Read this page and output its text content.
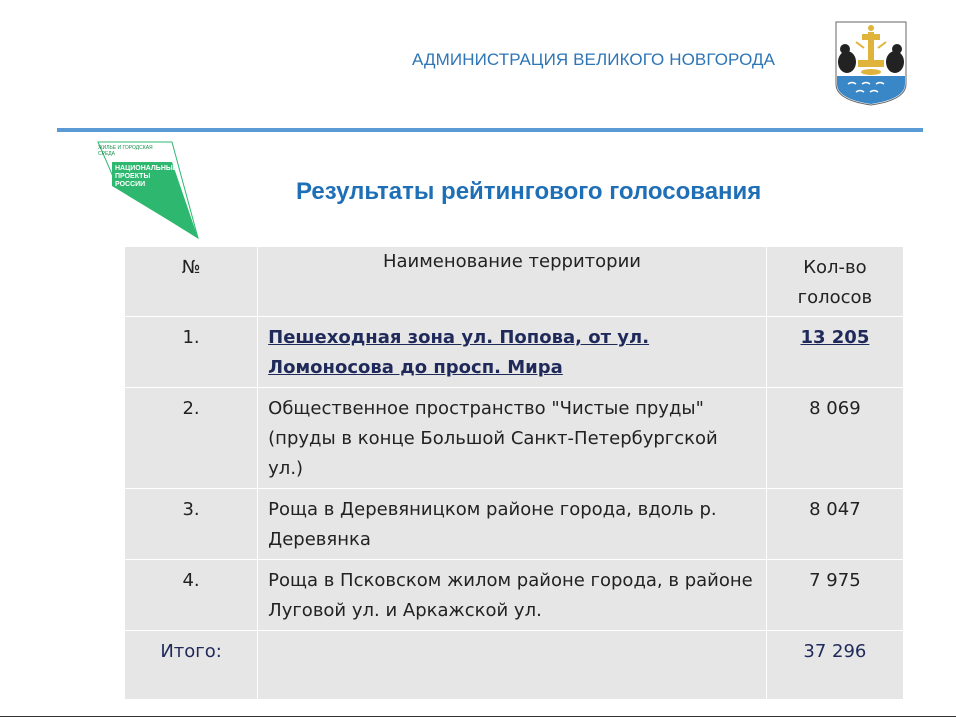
АДМИНИСТРАЦИЯ ВЕЛИКОГО НОВГОРОДА
ЖИЛЬЕ И ГОРОДСКАЯ СРЕДА
НАЦИОНАЛЬНЫЕ ПРОЕКТЫ РОССИИ	Результаты рейтингового голосования
№	Наименование территории	Кол-во голосов
1.	Пешеходная зона ул. Попова, от ул. Ломоносова до просп. Мира	13 205
2.	Общественное пространство "Чистые пруды" (пруды в конце Большой Санкт-Петербургской ул.)	8 069
3.	Роща в Деревяницком районе города, вдоль р. Деревянка	8 047
4.	Роща в Псковском жилом районе города, в районе Луговой ул. и Аркажской ул.	7 975
Итого:		37 296
